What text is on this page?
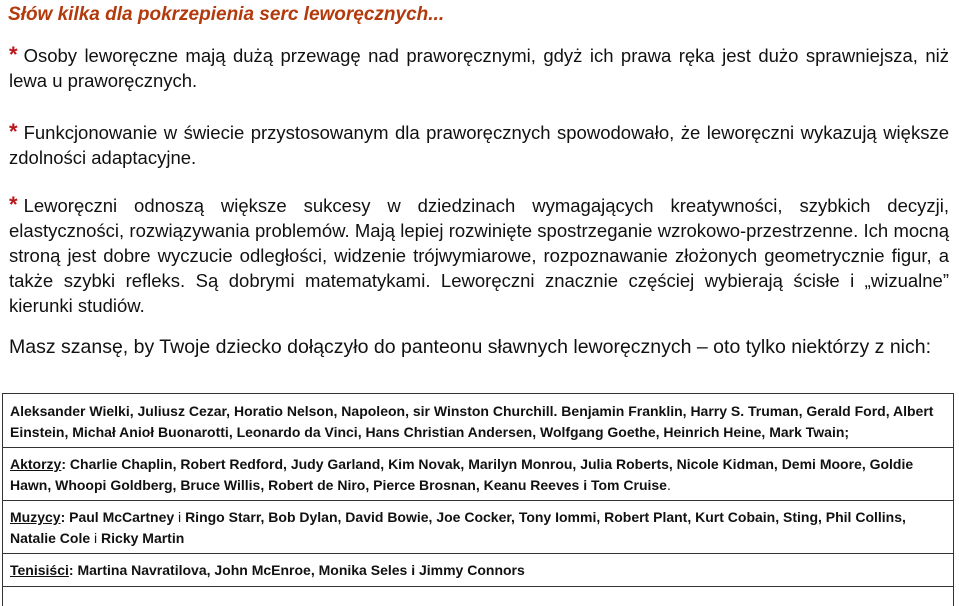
Słów kilka dla pokrzepienia serc leworęcznych...
* Osoby leworęczne mają dużą przewagę nad praworęcznymi, gdyż ich prawa ręka jest dużo sprawniejsza, niż lewa u praworęcznych.
* Funkcjonowanie w świecie przystosowanym dla praworęcznych spowodowało, że leworęczni wykazują większe zdolności adaptacyjne.
* Leworęczni odnoszą większe sukcesy w dziedzinach wymagających kreatywności, szybkich decyzji, elastyczności, rozwiązywania problemów. Mają lepiej rozwinięte spostrzeganie wzrokowo-przestrzenne. Ich mocną stroną jest dobre wyczucie odległości, widzenie trójwymiarowe, rozpoznawanie złożonych geometrycznie figur, a także szybki refleks. Są dobrymi matematykami. Leworęczni znacznie częściej wybierają ścisłe i „wizualne” kierunki studiów.
Masz szansę, by Twoje dziecko dołączyło do panteonu sławnych leworęcznych – oto tylko niektórzy z nich:
Aleksander Wielki, Juliusz Cezar, Horatio Nelson, Napoleon, sir Winston Churchill. Benjamin Franklin, Harry S. Truman, Gerald Ford, Albert Einstein, Michał Anioł Buonarotti, Leonardo da Vinci, Hans Christian Andersen, Wolfgang Goethe, Heinrich Heine, Mark Twain;
Aktorzy: Charlie Chaplin, Robert Redford, Judy Garland, Kim Novak, Marilyn Monrou, Julia Roberts, Nicole Kidman, Demi Moore, Goldie Hawn, Whoopi Goldberg, Bruce Willis, Robert de Niro, Pierce Brosnan, Keanu Reeves i Tom Cruise.
Muzycy: Paul McCartney i Ringo Starr, Bob Dylan, David Bowie, Joe Cocker, Tony Iommi, Robert Plant, Kurt Cobain, Sting, Phil Collins, Natalie Cole i Ricky Martin
Tenisiści: Martina Navratilova, John McEnroe, Monika Seles i Jimmy Connors
